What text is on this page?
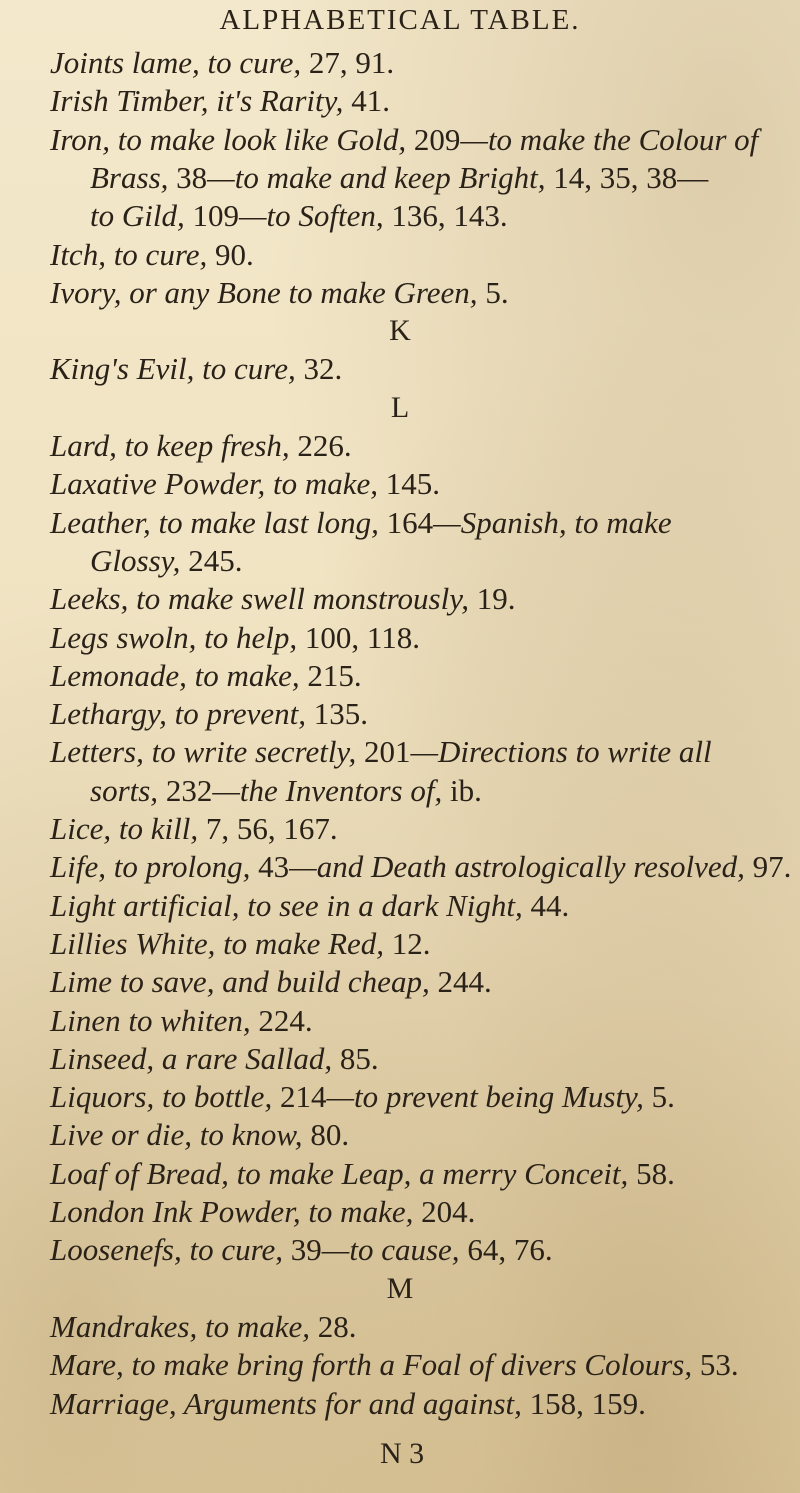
ALPHABETICAL TABLE.
Joints lame, to cure, 27, 91.
Irish Timber, it's Rarity, 41.
Iron, to make look like Gold, 209—to make the Colour of
Brass, 38—to make and keep Bright, 14, 35, 38—
to Gild, 109—to Soften, 136, 143.
Itch, to cure, 90.
Ivory, or any Bone to make Green, 5.
K
King's Evil, to cure, 32.
L
Lard, to keep fresh, 226.
Laxative Powder, to make, 145.
Leather, to make last long, 164—Spanish, to make
Glossy, 245.
Leeks, to make swell monstrously, 19.
Legs swoln, to help, 100, 118.
Lemonade, to make, 215.
Lethargy, to prevent, 135.
Letters, to write secretly, 201—Directions to write all
sorts, 232—the Inventors of, ib.
Lice, to kill, 7, 56, 167.
Life, to prolong, 43—and Death astrologically resolved, 97.
Light artificial, to see in a dark Night, 44.
Lillies White, to make Red, 12.
Lime to save, and build cheap, 244.
Linen to whiten, 224.
Linseed, a rare Sallad, 85.
Liquors, to bottle, 214—to prevent being Musty, 5.
Live or die, to know, 80.
Loaf of Bread, to make Leap, a merry Conceit, 58.
London Ink Powder, to make, 204.
Loosenefs, to cure, 39—to cause, 64, 76.
M
Mandrakes, to make, 28.
Mare, to make bring forth a Foal of divers Colours, 53.
Marriage, Arguments for and against, 158, 159.
N 3
